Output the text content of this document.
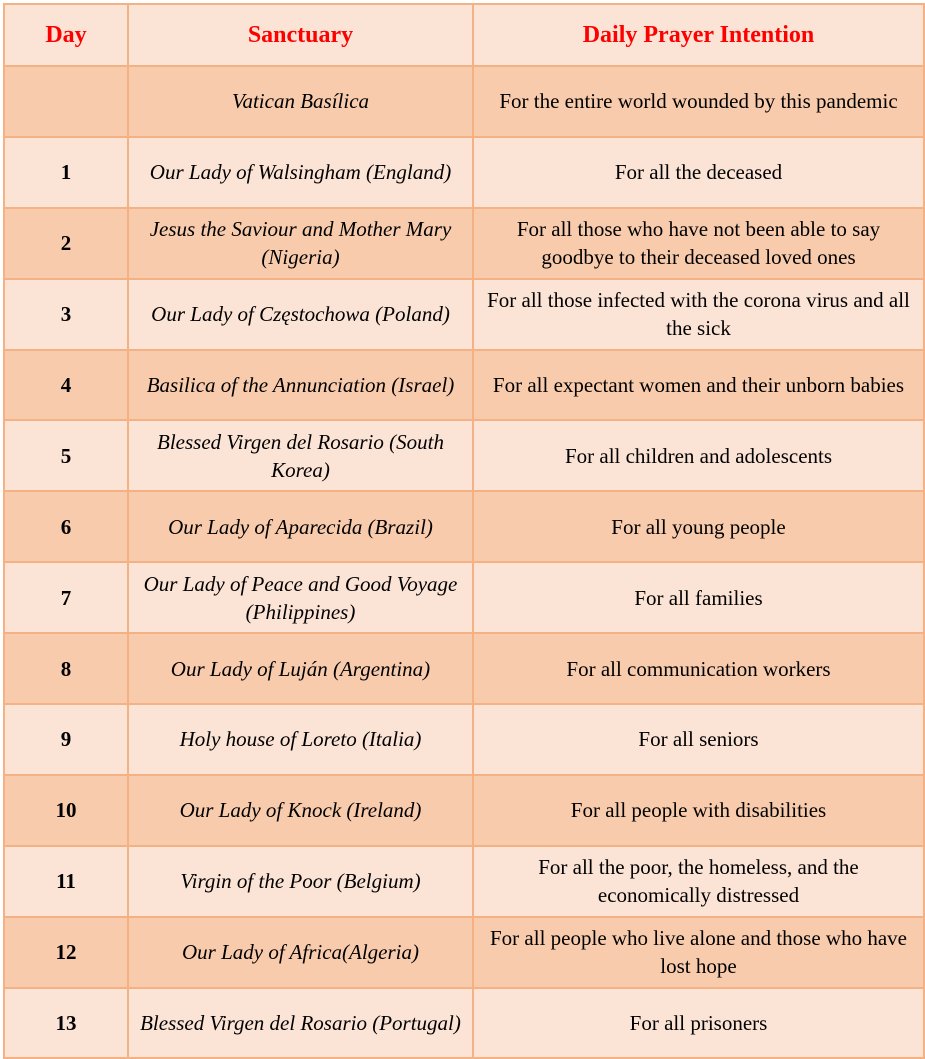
Day	Sanctuary	Daily Prayer Intention
	Vatican Basílica	For the entire world wounded by this pandemic
1	Our Lady of Walsingham (England)	For all the deceased
2	Jesus the Saviour and Mother Mary (Nigeria)	For all those who have not been able to say goodbye to their deceased loved ones
3	Our Lady of Częstochowa (Poland)	For all those infected with the corona virus and all the sick
4	Basilica of the Annunciation (Israel)	For all expectant women and their unborn babies
5	Blessed Virgen del Rosario (South Korea)	For all children and adolescents
6	Our Lady of Aparecida (Brazil)	For all young people
7	Our Lady of Peace and Good Voyage (Philippines)	For all families
8	Our Lady of Luján (Argentina)	For all communication workers
9	Holy house of Loreto (Italia)	For all seniors
10	Our Lady of Knock (Ireland)	For all people with disabilities
11	Virgin of the Poor (Belgium)	For all the poor, the homeless, and the economically distressed
12	Our Lady of Africa(Algeria)	For all people who live alone and those who have lost hope
13	Blessed Virgen del Rosario (Portugal)	For all prisoners
